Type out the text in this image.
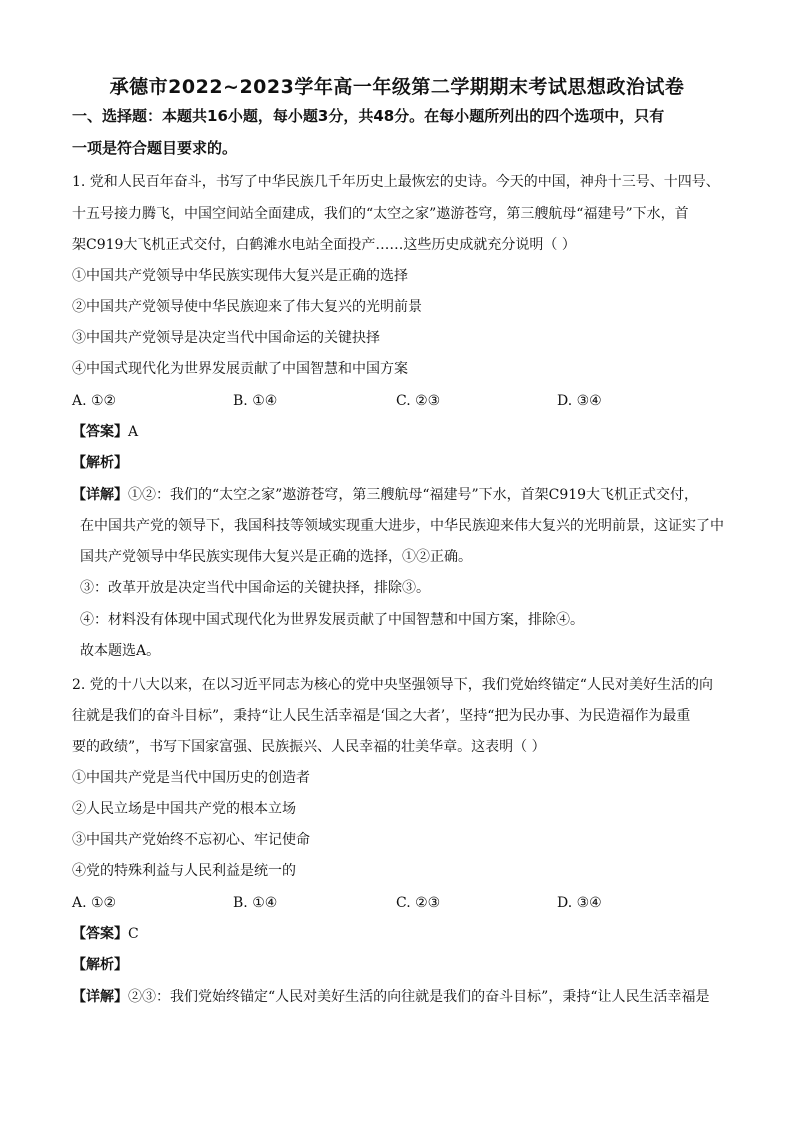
承德市2022~2023学年高一年级第二学期期末考试思想政治试卷
一、选择题：本题共16小题，每小题3分，共48分。在每小题所列出的四个选项中，只有
一项是符合题目要求的。
1. 党和人民百年奋斗，书写了中华民族几千年历史上最恢宏的史诗。今天的中国，神舟十三号、十四号、
十五号接力腾飞，中国空间站全面建成，我们的“太空之家”遨游苍穹，第三艘航母“福建号”下水，首
架C919大飞机正式交付，白鹤滩水电站全面投产……这些历史成就充分说明（ ）
①中国共产党领导中华民族实现伟大复兴是正确的选择
②中国共产党领导使中华民族迎来了伟大复兴的光明前景
③中国共产党领导是决定当代中国命运的关键抉择
④中国式现代化为世界发展贡献了中国智慧和中国方案
A. ①②	B. ①④	C. ②③	D. ③④
【答案】A
【解析】
【详解】①②：我们的“太空之家”遨游苍穹，第三艘航母“福建号”下水，首架C919大飞机正式交付，
在中国共产党的领导下，我国科技等领域实现重大进步，中华民族迎来伟大复兴的光明前景，这证实了中
国共产党领导中华民族实现伟大复兴是正确的选择，①②正确。
③：改革开放是决定当代中国命运的关键抉择，排除③。
④：材料没有体现中国式现代化为世界发展贡献了中国智慧和中国方案，排除④。
故本题选A。
2. 党的十八大以来，在以习近平同志为核心的党中央坚强领导下，我们党始终锚定“人民对美好生活的向
往就是我们的奋斗目标”，秉持“让人民生活幸福是‘国之大者’，坚持“把为民办事、为民造福作为最重
要的政绩”，书写下国家富强、民族振兴、人民幸福的壮美华章。这表明（ ）
①中国共产党是当代中国历史的创造者
②人民立场是中国共产党的根本立场
③中国共产党始终不忘初心、牢记使命
④党的特殊利益与人民利益是统一的
A. ①②	B. ①④	C. ②③	D. ③④
【答案】C
【解析】
【详解】②③：我们党始终锚定“人民对美好生活的向往就是我们的奋斗目标”，秉持“让人民生活幸福是
